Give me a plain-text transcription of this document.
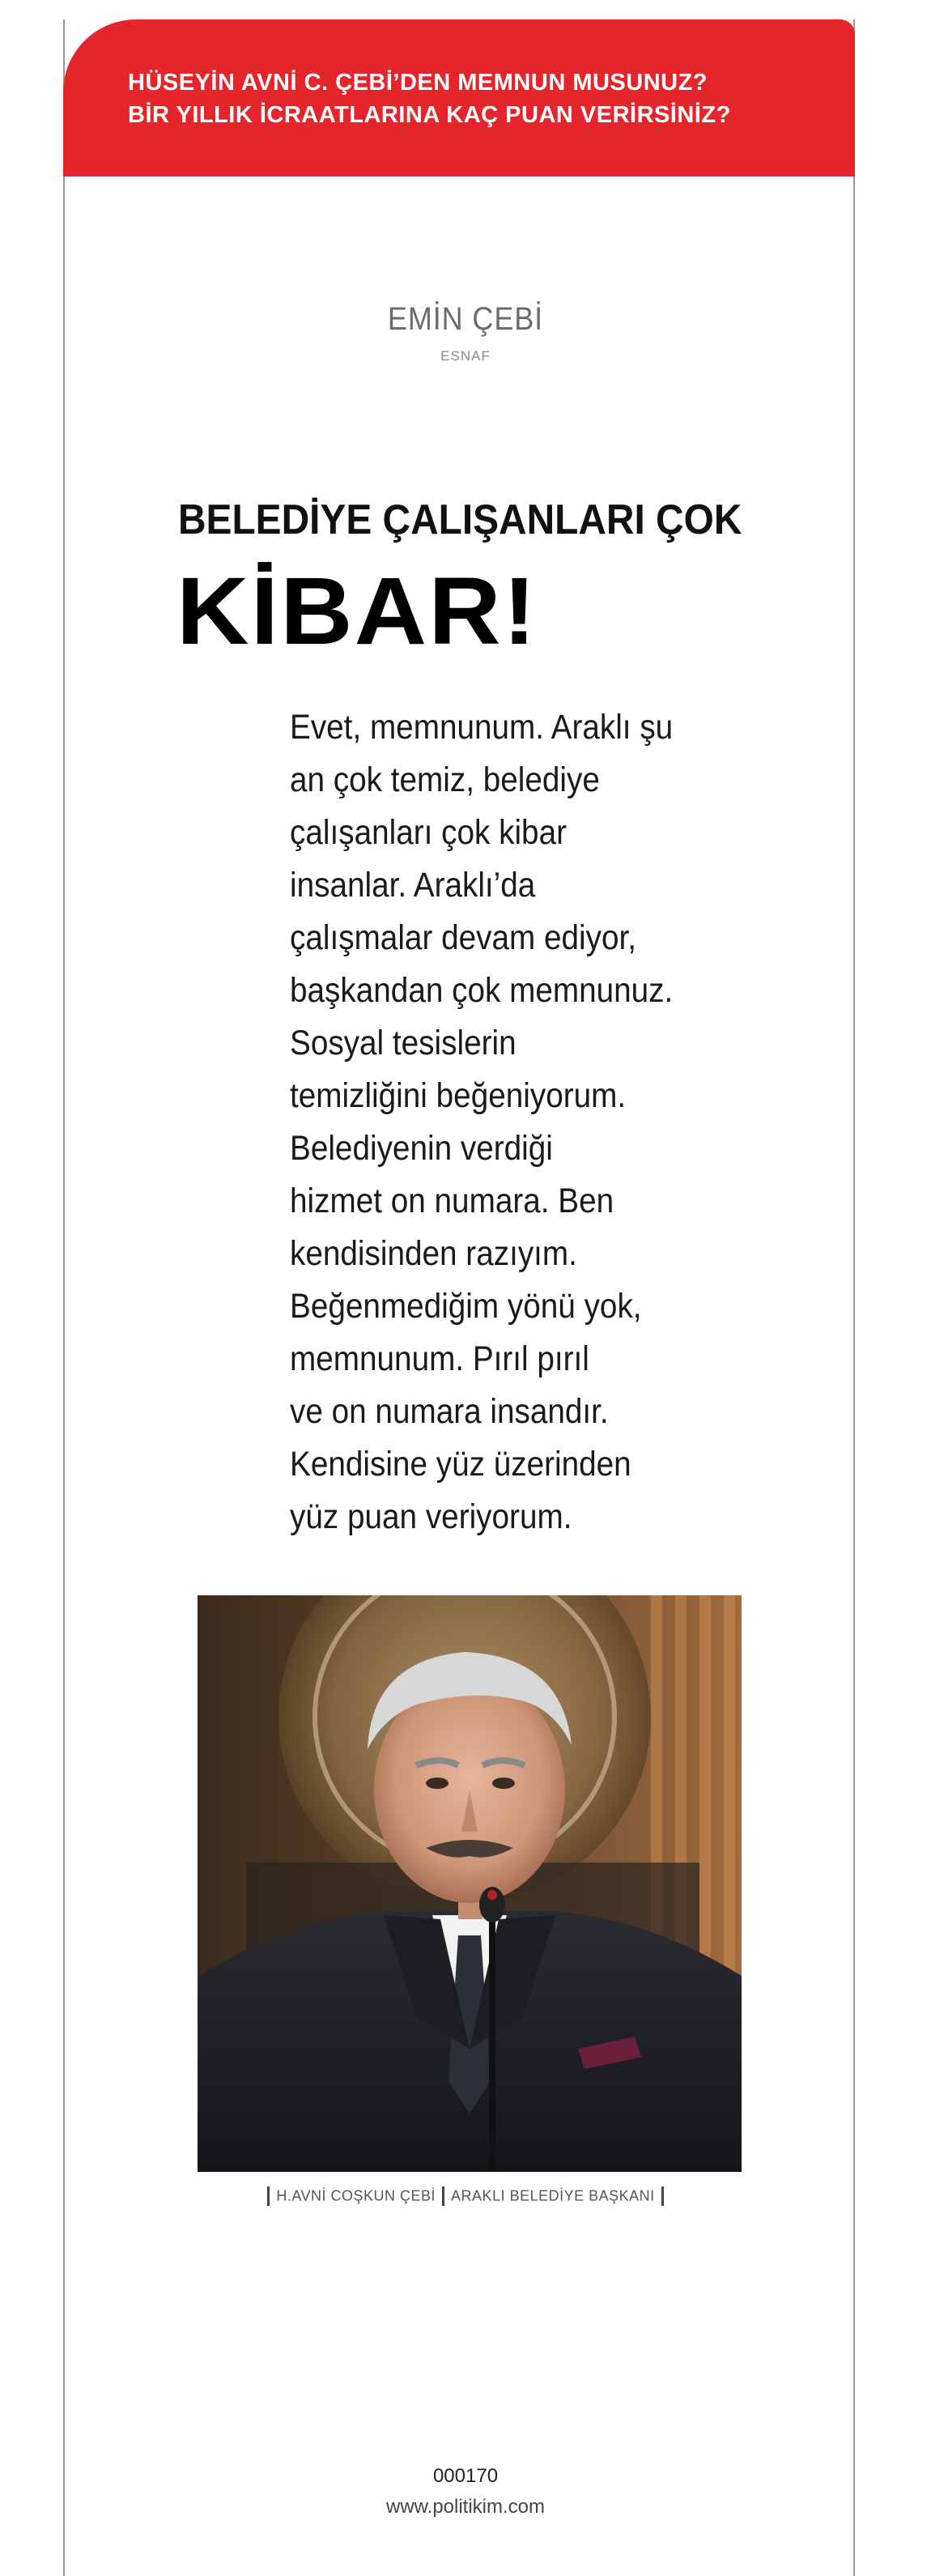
HÜSEYİN AVNİ C. ÇEBİ’DEN MEMNUN MUSUNUZ?
BİR YILLIK İCRAATLARINA KAÇ PUAN VERİRSİNİZ?
EMİN ÇEBİ
ESNAF
BELEDİYE ÇALIŞANLARI ÇOK
KİBAR!
Evet, memnunum. Araklı şu
an çok temiz, belediye
çalışanları çok kibar
insanlar. Araklı’da
çalışmalar devam ediyor,
başkandan çok memnunuz.
Sosyal tesislerin
temizliğini beğeniyorum.
Belediyenin verdiği
hizmet on numara. Ben
kendisinden razıyım.
Beğenmediğim yönü yok,
memnunum. Pırıl pırıl
ve on numara insandır.
Kendisine yüz üzerinden
yüz puan veriyorum.
H.AVNİ COŞKUN ÇEBİ ARAKLI BELEDİYE BAŞKANI
000170
www.politikim.com
